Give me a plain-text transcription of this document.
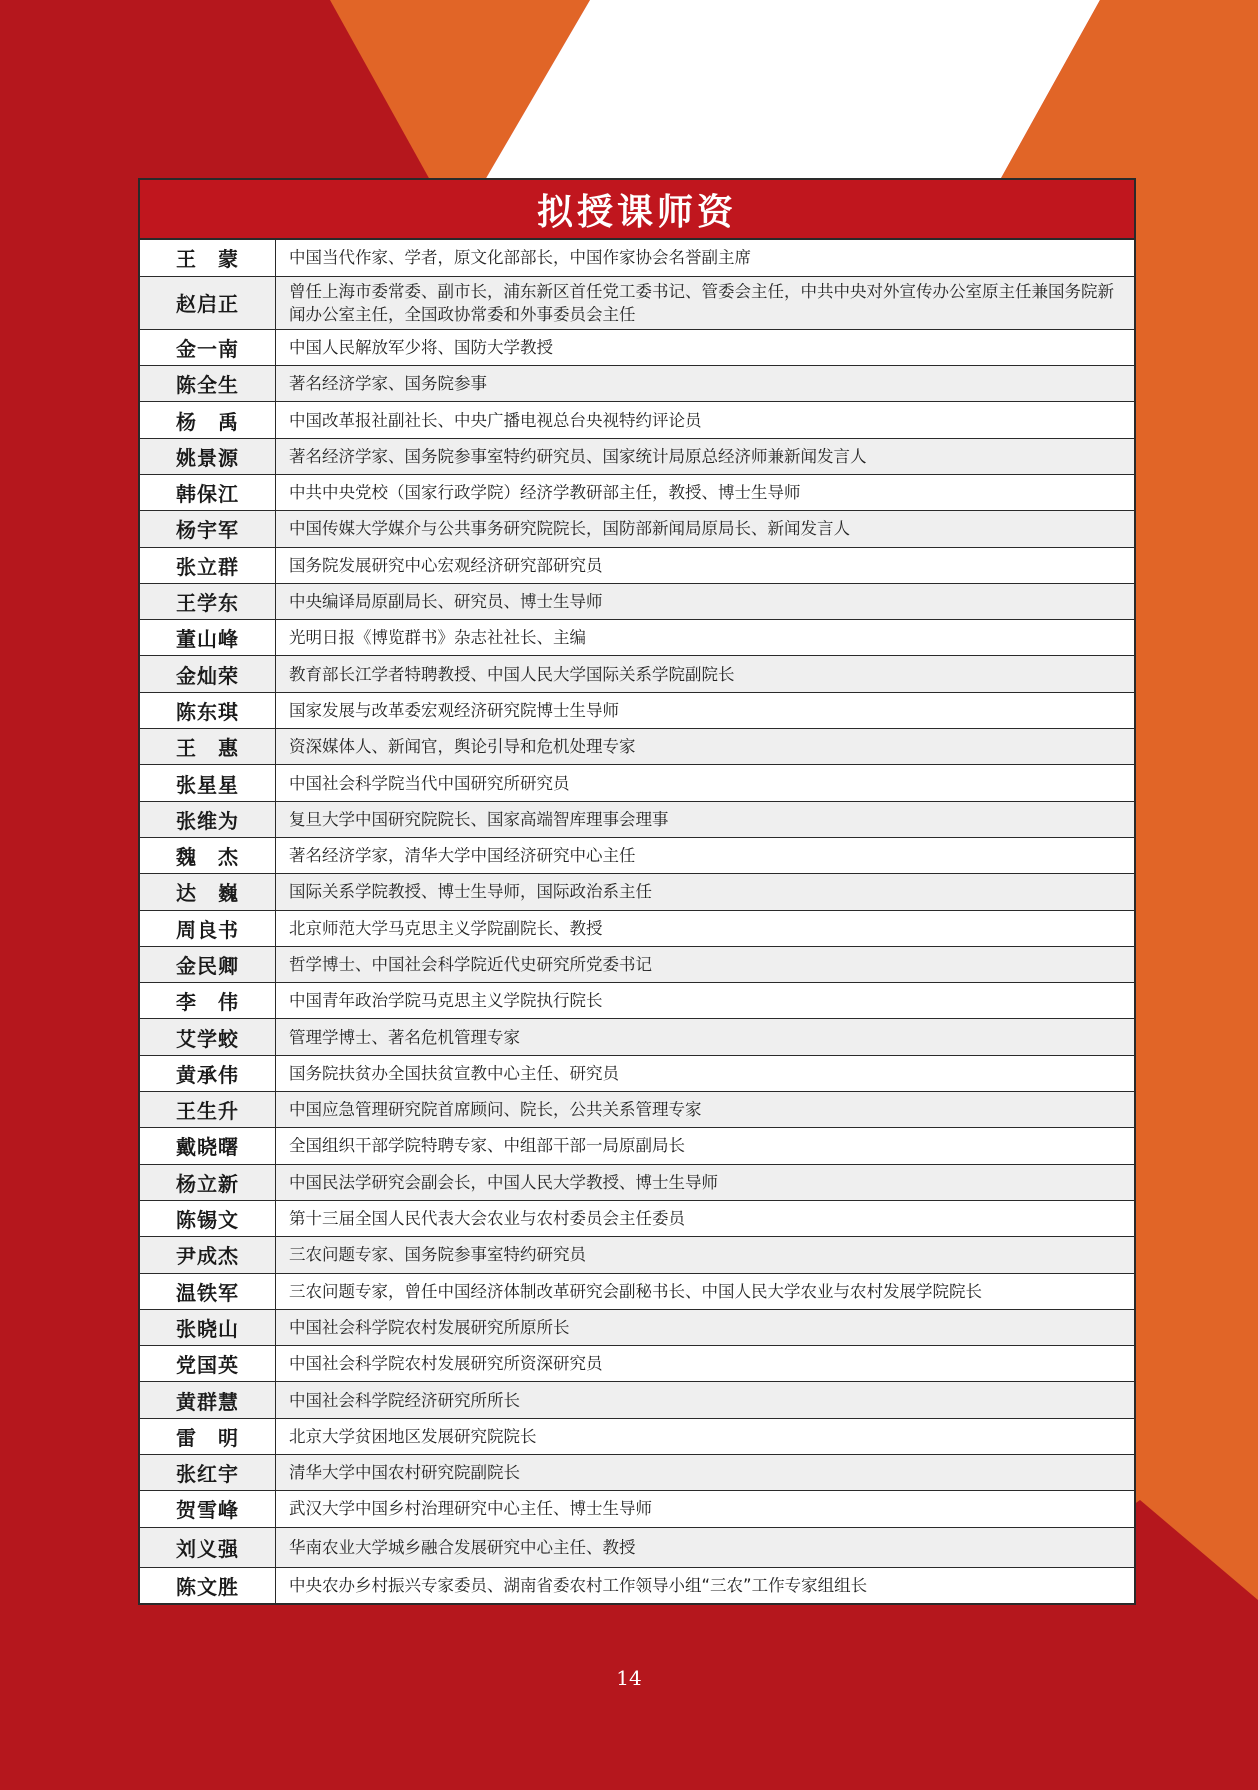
拟授课师资
王　蒙	中国当代作家、学者，原文化部部长，中国作家协会名誉副主席
赵启正	曾任上海市委常委、副市长，浦东新区首任党工委书记、管委会主任，中共中央对外宣传办公室原主任兼国务院新闻办公室主任，全国政协常委和外事委员会主任
金一南	中国人民解放军少将、国防大学教授
陈全生	著名经济学家、国务院参事
杨　禹	中国改革报社副社长、中央广播电视总台央视特约评论员
姚景源	著名经济学家、国务院参事室特约研究员、国家统计局原总经济师兼新闻发言人
韩保江	中共中央党校（国家行政学院）经济学教研部主任，教授、博士生导师
杨宇军	中国传媒大学媒介与公共事务研究院院长，国防部新闻局原局长、新闻发言人
张立群	国务院发展研究中心宏观经济研究部研究员
王学东	中央编译局原副局长、研究员、博士生导师
董山峰	光明日报《博览群书》杂志社社长、主编
金灿荣	教育部长江学者特聘教授、中国人民大学国际关系学院副院长
陈东琪	国家发展与改革委宏观经济研究院博士生导师
王　惠	资深媒体人、新闻官，舆论引导和危机处理专家
张星星	中国社会科学院当代中国研究所研究员
张维为	复旦大学中国研究院院长、国家高端智库理事会理事
魏　杰	著名经济学家，清华大学中国经济研究中心主任
达　巍	国际关系学院教授、博士生导师，国际政治系主任
周良书	北京师范大学马克思主义学院副院长、教授
金民卿	哲学博士、中国社会科学院近代史研究所党委书记
李　伟	中国青年政治学院马克思主义学院执行院长
艾学蛟	管理学博士、著名危机管理专家
黄承伟	国务院扶贫办全国扶贫宣教中心主任、研究员
王生升	中国应急管理研究院首席顾问、院长，公共关系管理专家
戴晓曙	全国组织干部学院特聘专家、中组部干部一局原副局长
杨立新	中国民法学研究会副会长，中国人民大学教授、博士生导师
陈锡文	第十三届全国人民代表大会农业与农村委员会主任委员
尹成杰	三农问题专家、国务院参事室特约研究员
温铁军	三农问题专家，曾任中国经济体制改革研究会副秘书长、中国人民大学农业与农村发展学院院长
张晓山	中国社会科学院农村发展研究所原所长
党国英	中国社会科学院农村发展研究所资深研究员
黄群慧	中国社会科学院经济研究所所长
雷　明	北京大学贫困地区发展研究院院长
张红宇	清华大学中国农村研究院副院长
贺雪峰	武汉大学中国乡村治理研究中心主任、博士生导师
刘义强	华南农业大学城乡融合发展研究中心主任、教授
陈文胜	中央农办乡村振兴专家委员、湖南省委农村工作领导小组“三农”工作专家组组长
14
